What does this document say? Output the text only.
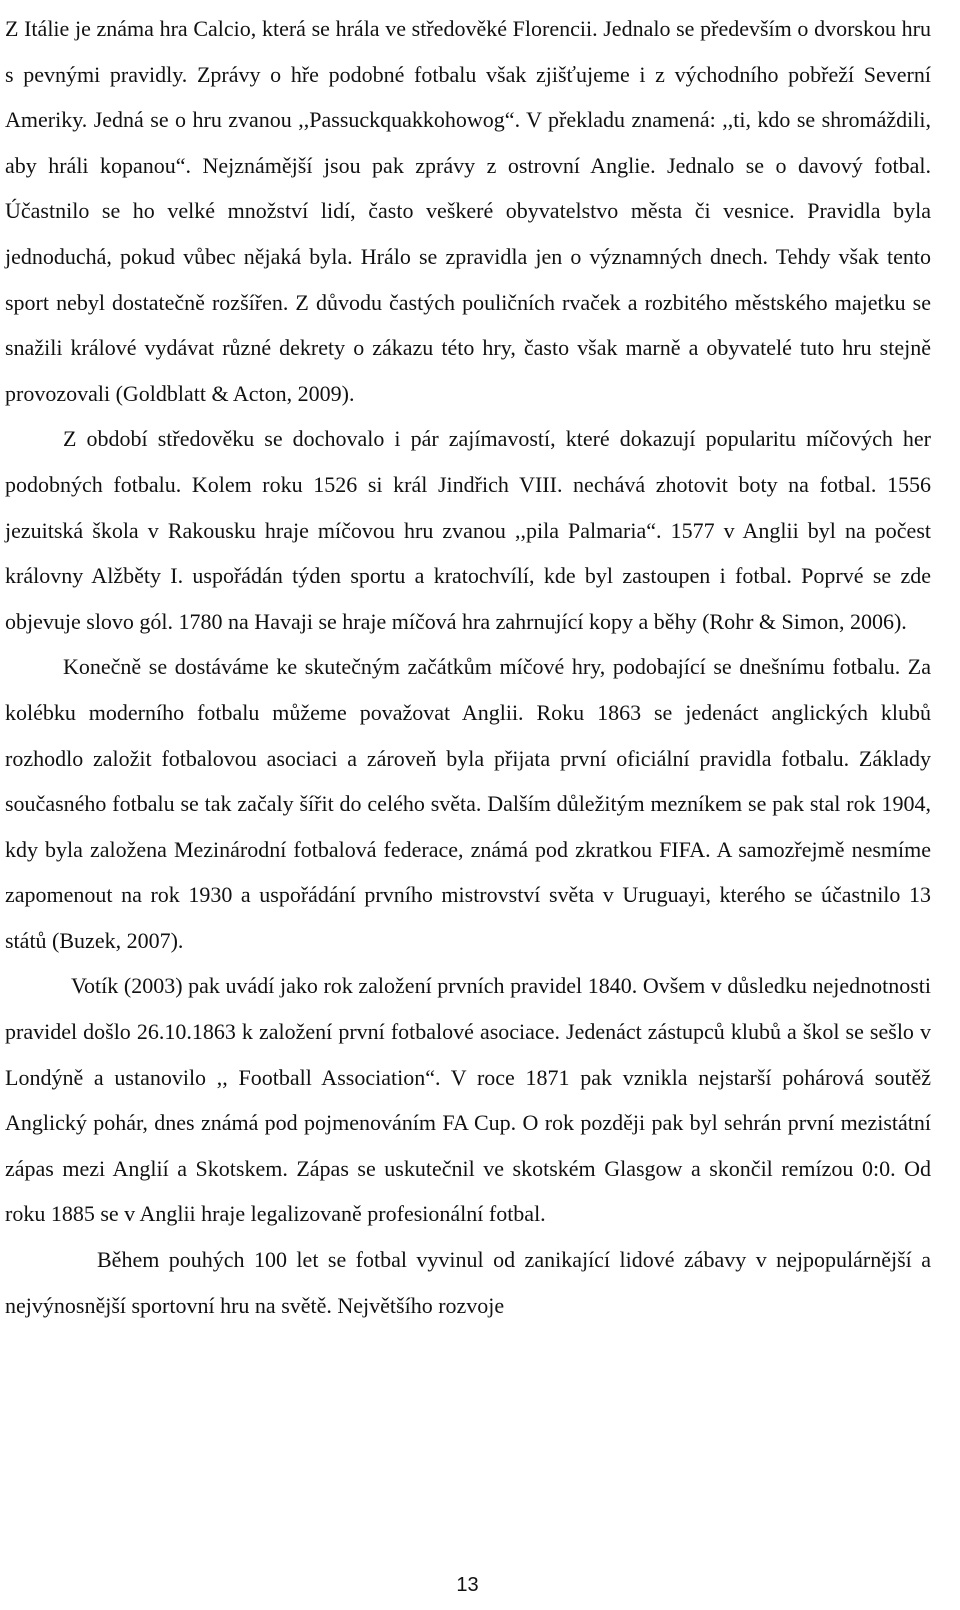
Z Itálie je známa hra Calcio, která se hrála ve středověké Florencii. Jednalo se především o dvorskou hru s pevnými pravidly. Zprávy o hře podobné fotbalu však zjišťujeme i z východního pobřeží Severní Ameriky. Jedná se o hru zvanou ,,Passuckquakkohowog“. V překladu znamená: ,,ti, kdo se shromáždili, aby hráli kopanou“. Nejznámější jsou pak zprávy z ostrovní Anglie. Jednalo se o davový fotbal. Účastnilo se ho velké množství lidí, často veškeré obyvatelstvo města či vesnice. Pravidla byla jednoduchá, pokud vůbec nějaká byla. Hrálo se zpravidla jen o významných dnech. Tehdy však tento sport nebyl dostatečně rozšířen. Z důvodu častých pouličních rvaček a rozbitého městského majetku se snažili králové vydávat různé dekrety o zákazu této hry, často však marně a obyvatelé tuto hru stejně provozovali (Goldblatt & Acton, 2009).

Z období středověku se dochovalo i pár zajímavostí, které dokazují popularitu míčových her podobných fotbalu. Kolem roku 1526 si král Jindřich VIII. nechává zhotovit boty na fotbal. 1556 jezuitská škola v Rakousku hraje míčovou hru zvanou ,,pila Palmaria“. 1577 v Anglii byl na počest královny Alžběty I. uspořádán týden sportu a kratochvílí, kde byl zastoupen i fotbal. Poprvé se zde objevuje slovo gól. 1780 na Havaji se hraje míčová hra zahrnující kopy a běhy (Rohr & Simon, 2006).

Konečně se dostáváme ke skutečným začátkům míčové hry, podobající se dnešnímu fotbalu. Za kolébku moderního fotbalu můžeme považovat Anglii. Roku 1863 se jedenáct anglických klubů rozhodlo založit fotbalovou asociaci a zároveň byla přijata první oficiální pravidla fotbalu. Základy současného fotbalu se tak začaly šířit do celého světa. Dalším důležitým mezníkem se pak stal rok 1904, kdy byla založena Mezinárodní fotbalová federace, známá pod zkratkou FIFA. A samozřejmě nesmíme zapomenout na rok 1930 a uspořádání prvního mistrovství světa v Uruguayi, kterého se účastnilo 13 států (Buzek, 2007).

Votík (2003) pak uvádí jako rok založení prvních pravidel 1840. Ovšem v důsledku nejednotnosti pravidel došlo 26.10.1863 k založení první fotbalové asociace. Jedenáct zástupců klubů a škol se sešlo v Londýně a ustanovilo ,, Football Association“. V roce 1871 pak vznikla nejstarší pohárová soutěž Anglický pohár, dnes známá pod pojmenováním FA Cup. O rok později pak byl sehrán první mezistátní zápas mezi Anglií a Skotskem. Zápas se uskutečnil ve skotském Glasgow a skončil remízou 0:0. Od roku 1885 se v Anglii hraje legalizovaně profesionální fotbal.

Během pouhých 100 let se fotbal vyvinul od zanikající lidové zábavy v nejpopulárnější a nejvýnosnější sportovní hru na světě. Největšího rozvoje

13
